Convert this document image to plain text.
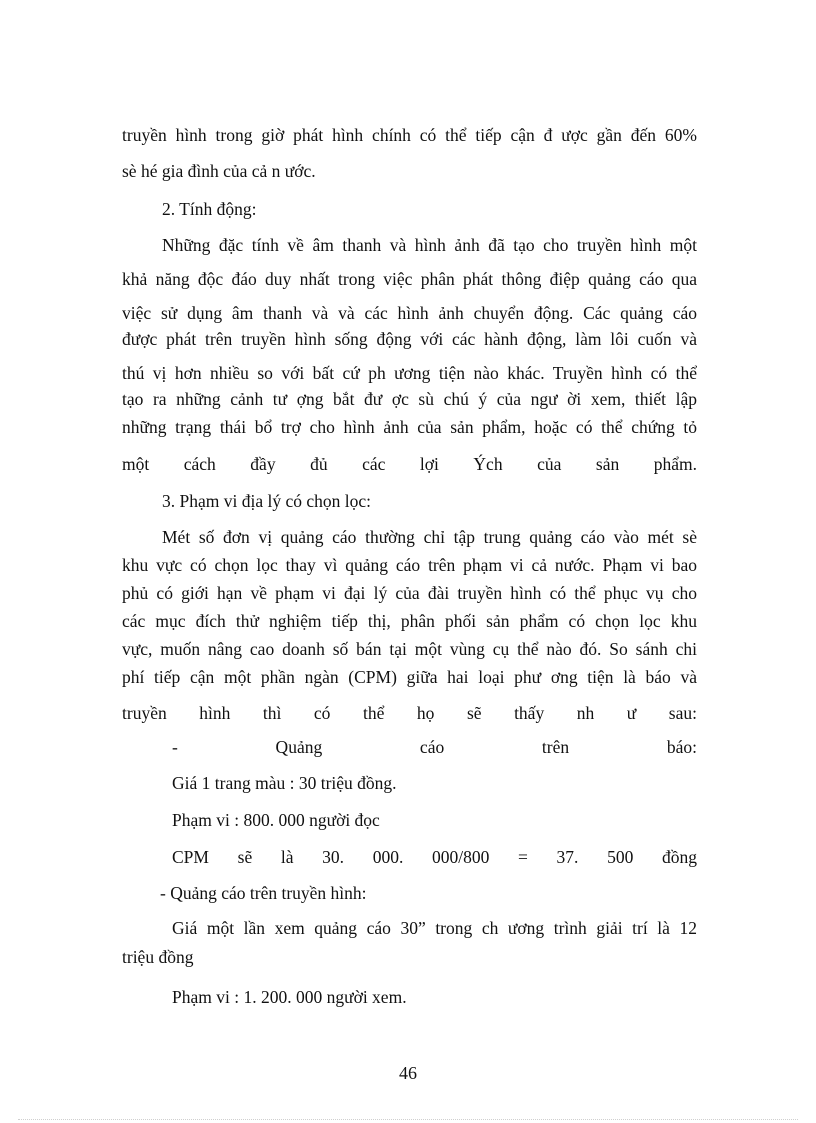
truyền hình trong giờ phát hình chính có thể tiếp cận đ ược gần đến 60%
sè hé gia đình của cả n ước.
2. Tính động:
Những đặc tính về âm thanh và hình ảnh đã tạo cho truyền hình một
khả năng độc đáo duy nhất trong việc phân phát thông điệp quảng cáo qua
việc sử dụng âm thanh và và các hình ảnh chuyển động. Các quảng cáo
được phát trên truyền hình sống động với các hành động, làm lôi cuốn và
thú vị hơn nhiều so với bất cứ ph ương tiện nào khác. Truyền hình có thể
tạo ra những cảnh tư ợng bắt đư ợc sù chú ý của ngư ời xem, thiết lập
những trạng thái bổ trợ cho hình ảnh của sản phẩm, hoặc có thể chứng tỏ
một cách đầy đủ các lợi Ých của sản phẩm.
3. Phạm vi địa lý có chọn lọc:
Mét số đơn vị quảng cáo thường chỉ tập trung quảng cáo vào mét sè
khu vực có chọn lọc thay vì quảng cáo trên phạm vi cả nước. Phạm vi bao
phủ có giới hạn về phạm vi đại lý của đài truyền hình có thể phục vụ cho
các mục đích thử nghiệm tiếp thị, phân phối sản phẩm có chọn lọc khu
vực, muốn nâng cao doanh số bán tại một vùng cụ thể nào đó. So sánh chi
phí tiếp cận một phần ngàn (CPM) giữa hai loại phư ơng tiện là báo và
truyền hình thì có thể họ sẽ thấy nh ư sau:
- Quảng cáo trên báo:
Giá 1 trang màu : 30 triệu đồng.
Phạm vi : 800. 000 người đọc
CPM sẽ là 30. 000. 000/800 = 37. 500 đồng
- Quảng cáo trên truyền hình:
Giá một lần xem quảng cáo 30” trong ch ương trình giải trí là 12
triệu đồng
Phạm vi : 1. 200. 000 người xem.
46
